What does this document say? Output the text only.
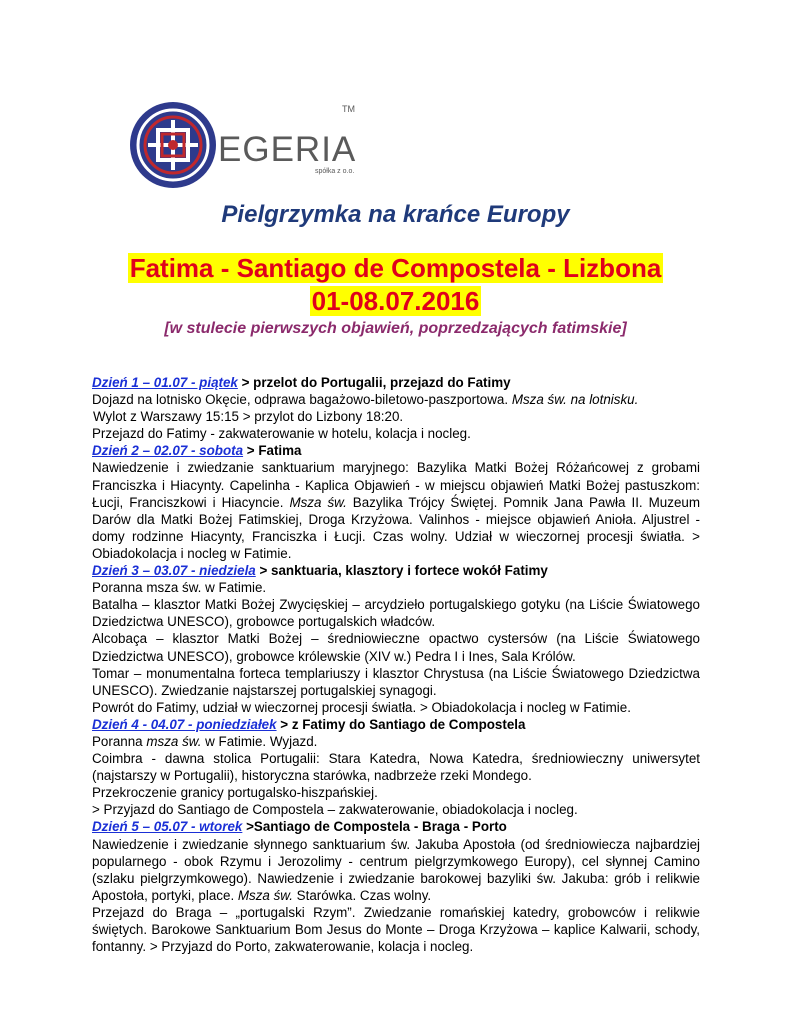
EGERIA
TM
spółka z o.o.
Pielgrzymka na krańce Europy
Fatima - Santiago de Compostela - Lizbona
01-08.07.2016
[w stulecie pierwszych objawień, poprzedzających fatimskie]

Dzień 1 – 01.07 - piątek > przelot do Portugalii, przejazd do Fatimy

Dojazd na lotnisko Okęcie, odprawa bagażowo-biletowo-paszportowa. Msza św. na lotnisku.

Wylot z Warszawy 15:15 > przylot do Lizbony 18:20.

Przejazd do Fatimy - zakwaterowanie w hotelu, kolacja i nocleg.

Dzień 2 – 02.07 - sobota > Fatima

Nawiedzenie i zwiedzanie sanktuarium maryjnego: Bazylika Matki Bożej Różańcowej z grobami Franciszka i Hiacynty. Capelinha - Kaplica Objawień - w miejscu objawień Matki Bożej pastuszkom: Łucji, Franciszkowi i Hiacyncie. Msza św. Bazylika Trójcy Świętej. Pomnik Jana Pawła II. Muzeum Darów dla Matki Bożej Fatimskiej, Droga Krzyżowa. Valinhos - miejsce objawień Anioła. Aljustrel - domy rodzinne Hiacynty, Franciszka i Łucji. Czas wolny. Udział w wieczornej procesji światła. > Obiadokolacja i nocleg w Fatimie.

Dzień 3 – 03.07 - niedziela > sanktuaria, klasztory i fortece wokół Fatimy

Poranna msza św. w Fatimie.

Batalha – klasztor Matki Bożej Zwycięskiej – arcydzieło portugalskiego gotyku (na Liście Światowego Dziedzictwa UNESCO), grobowce portugalskich władców.

Alcobaça – klasztor Matki Bożej – średniowieczne opactwo cystersów (na Liście Światowego Dziedzictwa UNESCO), grobowce królewskie (XIV w.) Pedra I i Ines, Sala Królów.

Tomar – monumentalna forteca templariuszy i klasztor Chrystusa (na Liście Światowego Dziedzictwa UNESCO). Zwiedzanie najstarszej portugalskiej synagogi.

Powrót do Fatimy, udział w wieczornej procesji światła. > Obiadokolacja i nocleg w Fatimie.

Dzień 4 - 04.07 - poniedziałek > z Fatimy do Santiago de Compostela

Poranna msza św. w Fatimie. Wyjazd.

Coimbra - dawna stolica Portugalii: Stara Katedra, Nowa Katedra, średniowieczny uniwersytet (najstarszy w Portugalii), historyczna starówka, nadbrzeże rzeki Mondego.

Przekroczenie granicy portugalsko-hiszpańskiej.

> Przyjazd do Santiago de Compostela – zakwaterowanie, obiadokolacja i nocleg.

Dzień 5 – 05.07 - wtorek >Santiago de Compostela - Braga - Porto

Nawiedzenie i zwiedzanie słynnego sanktuarium św. Jakuba Apostoła (od średniowiecza najbardziej popularnego - obok Rzymu i Jerozolimy - centrum pielgrzymkowego Europy), cel słynnej Camino (szlaku pielgrzymkowego). Nawiedzenie i zwiedzanie barokowej bazyliki św. Jakuba: grób i relikwie Apostoła, portyki, place. Msza św. Starówka. Czas wolny.

Przejazd do Braga – „portugalski Rzym”. Zwiedzanie romańskiej katedry, grobowców i relikwie świętych. Barokowe Sanktuarium Bom Jesus do Monte – Droga Krzyżowa – kaplice Kalwarii, schody, fontanny. > Przyjazd do Porto, zakwaterowanie, kolacja i nocleg.
